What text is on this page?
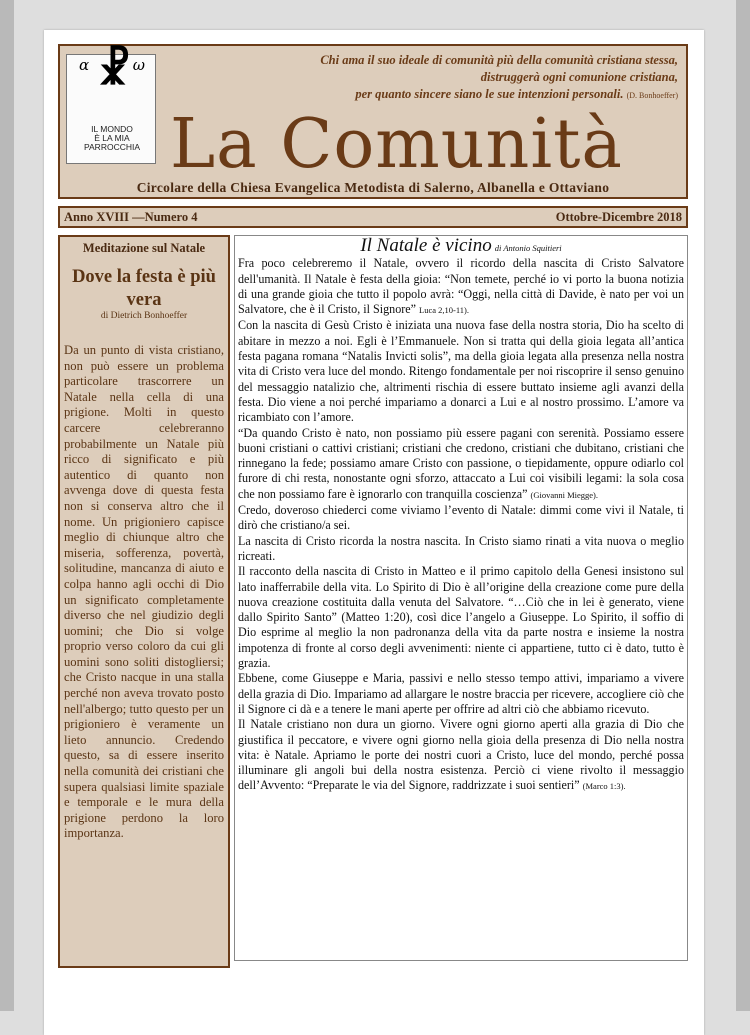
α	ω
☧
IL MONDO
È LA MIA
PARROCCHIA
Chi ama il suo ideale di comunità più della comunità cristiana stessa,
distruggerà ogni comunione cristiana,
per quanto sincere siano le sue intenzioni personali. (D. Bonhoeffer)
La Comunità
Circolare della Chiesa Evangelica Metodista di Salerno, Albanella e Ottaviano
Anno XVIII —Numero 4	Ottobre-Dicembre 2018
Meditazione sul Natale
Dove la festa è più vera
di Dietrich Bonhoeffer
Da un punto di vista cristiano, non può essere un problema particolare trascorrere un Natale nella cella di una prigione. Molti in questo carcere celebreranno probabilmente un Natale più ricco di significato e più autentico di quanto non avvenga dove di questa festa non si conserva altro che il nome. Un prigioniero capisce meglio di chiunque altro che miseria, sofferenza, povertà, solitudine, mancanza di aiuto e colpa hanno agli occhi di Dio un significato completamente diverso che nel giudizio degli uomini; che Dio si volge proprio verso coloro da cui gli uomini sono soliti distogliersi; che Cristo nacque in una stalla perché non aveva trovato posto nell'albergo; tutto questo per un prigioniero è veramente un lieto annuncio. Credendo questo, sa di essere inserito nella comunità dei cristiani che supera qualsiasi limite spaziale e temporale e le mura della prigione perdono la loro importanza.
Il Natale è vicino di Antonio Squitieri

Fra poco celebreremo il Natale, ovvero il ricordo della nascita di Cristo Salvatore dell'umanità. Il Natale è festa della gioia: “Non temete, perché io vi porto la buona notizia di una grande gioia che tutto il popolo avrà: “Oggi, nella città di Davide, è nato per voi un Salvatore, che è il Cristo, il Signore” Luca 2,10-11).

Con la nascita di Gesù Cristo è iniziata una nuova fase della nostra storia, Dio ha scelto di abitare in mezzo a noi. Egli è l’Emmanuele. Non si tratta qui della gioia legata all’antica festa pagana romana “Natalis Invicti solis”, ma della gioia legata alla presenza nella nostra vita di Cristo vera luce del mondo. Ritengo fondamentale per noi riscoprire il senso genuino del messaggio natalizio che, altrimenti rischia di essere buttato insieme agli avanzi della festa. Dio viene a noi perché impariamo a donarci a Lui e al nostro prossimo. L’amore va ricambiato con l’amore.

“Da quando Cristo è nato, non possiamo più essere pagani con serenità. Possiamo essere buoni cristiani o cattivi cristiani; cristiani che credono, cristiani che dubitano, cristiani che rinnegano la fede; possiamo amare Cristo con passione, o tiepidamente, oppure odiarlo col furore di chi resta, nonostante ogni sforzo, attaccato a Lui coi visibili legami: la sola cosa che non possiamo fare è ignorarlo con tranquilla coscienza” (Giovanni Miegge).

Credo, doveroso chiederci come viviamo l’evento di Natale: dimmi come vivi il Natale, ti dirò che cristiano/a sei.

La nascita di Cristo ricorda la nostra nascita. In Cristo siamo rinati a vita nuova o meglio ricreati.

Il racconto della nascita di Cristo in Matteo e il primo capitolo della Genesi insistono sul lato inafferrabile della vita. Lo Spirito di Dio è all’origine della creazione come pure della nuova creazione costituita dalla venuta del Salvatore. “…Ciò che in lei è generato, viene dallo Spirito Santo” (Matteo 1:20), così dice l’angelo a Giuseppe. Lo Spirito, il soffio di Dio esprime al meglio la non padronanza della vita da parte nostra e insieme la nostra impotenza di fronte al corso degli avvenimenti: niente ci appartiene, tutto ci è dato, tutto è grazia.

Ebbene, come Giuseppe e Maria, passivi e nello stesso tempo attivi, impariamo a vivere della grazia di Dio. Impariamo ad allargare le nostre braccia per ricevere, accogliere ciò che il Signore ci dà e a tenere le mani aperte per offrire ad altri ciò che abbiamo ricevuto.

Il Natale cristiano non dura un giorno. Vivere ogni giorno aperti alla grazia di Dio che giustifica il peccatore, e vivere ogni giorno nella gioia della presenza di Dio nella nostra vita: è Natale. Apriamo le porte dei nostri cuori a Cristo, luce del mondo, perché possa illuminare gli angoli bui della nostra esistenza. Perciò ci viene rivolto il messaggio dell’Avvento: “Preparate le via del Signore, raddrizzate i suoi sentieri” (Marco 1:3).
